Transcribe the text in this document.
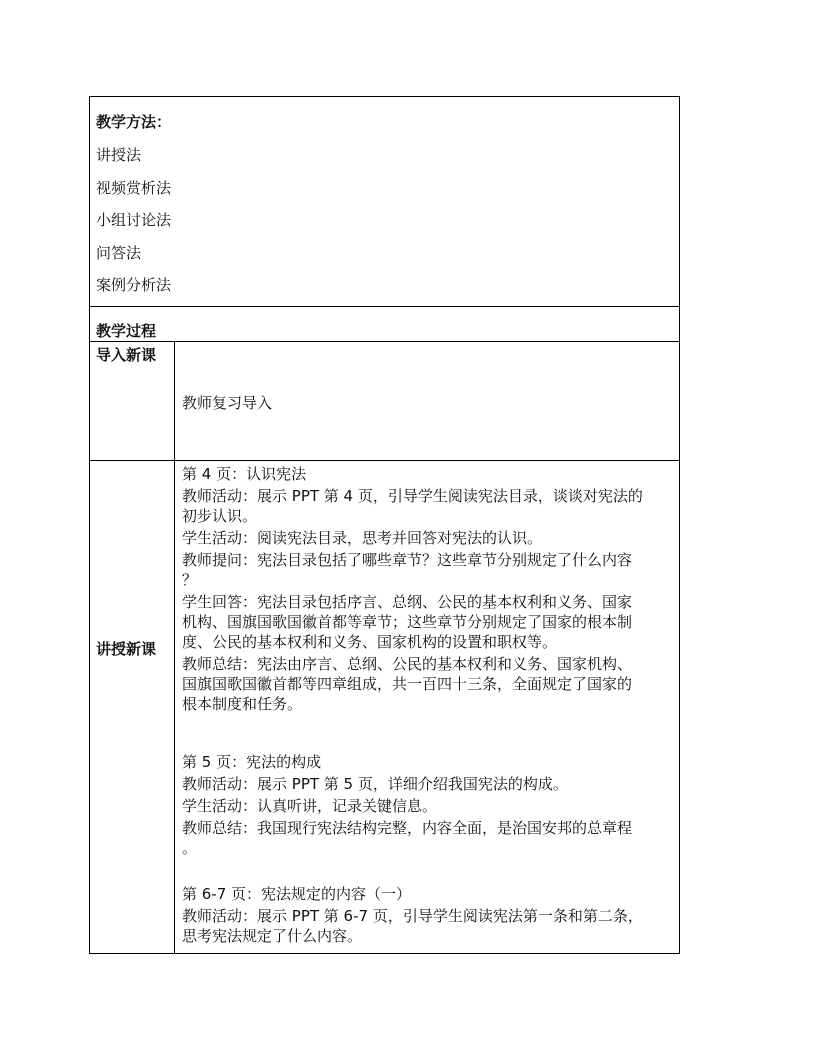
教学方法：
讲授法
视频赏析法
小组讨论法
问答法
案例分析法
教学过程
导入新课
教师复习导入
讲授新课

第 4 页：认识宪法

教师活动：展示 PPT 第 4 页，引导学生阅读宪法目录，谈谈对宪法的

初步认识。

学生活动：阅读宪法目录，思考并回答对宪法的认识。

教师提问：宪法目录包括了哪些章节？这些章节分别规定了什么内容

？

学生回答：宪法目录包括序言、总纲、公民的基本权利和义务、国家

机构、国旗国歌国徽首都等章节；这些章节分别规定了国家的根本制

度、公民的基本权利和义务、国家机构的设置和职权等。

教师总结：宪法由序言、总纲、公民的基本权利和义务、国家机构、

国旗国歌国徽首都等四章组成，共一百四十三条，全面规定了国家的

根本制度和任务。

第 5 页：宪法的构成

教师活动：展示 PPT 第 5 页，详细介绍我国宪法的构成。

学生活动：认真听讲，记录关键信息。

教师总结：我国现行宪法结构完整，内容全面，是治国安邦的总章程

。

第 6-7 页：宪法规定的内容（一）

教师活动：展示 PPT 第 6-7 页，引导学生阅读宪法第一条和第二条，

思考宪法规定了什么内容。
